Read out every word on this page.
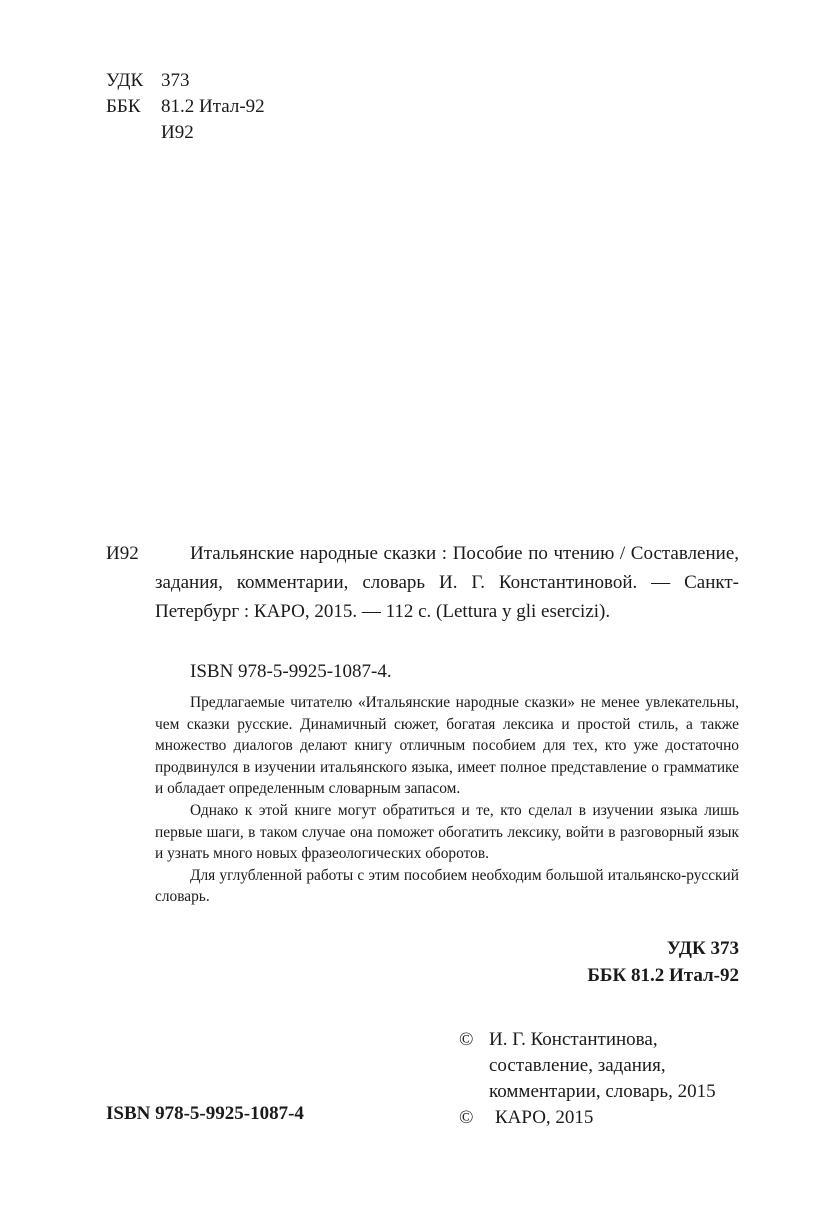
УДК 373
ББК	81.2 Итал-92
И92
И92	Итальянские народные сказки : Пособие по чтению / Составление, задания, комментарии, словарь И. Г. Константиновой. — Санкт-Петербург : КАРО, 2015. — 112 с. (Lettura y gli esercizi).
ISBN 978-5-9925-1087-4.

Предлагаемые читателю «Итальянские народные сказки» не менее увлекательны, чем сказки русские. Динамичный сюжет, богатая лексика и простой стиль, а также множество диалогов делают книгу отличным пособием для тех, кто уже достаточно продвинулся в изучении итальянского языка, имеет полное представление о грамматике и обладает определенным словарным запасом.

Однако к этой книге могут обратиться и те, кто сделал в изучении языка лишь первые шаги, в таком случае она поможет обогатить лексику, войти в разговорный язык и узнать много новых фразеологических оборотов.

Для углубленной работы с этим пособием необходим большой итальянско-русский словарь.

УДК 373
ББК 81.2 Итал-92
© И. Г. Константинова,
составление, задания,
комментарии, словарь, 2015
©	КАРО, 2015
ISBN 978-5-9925-1087-4
